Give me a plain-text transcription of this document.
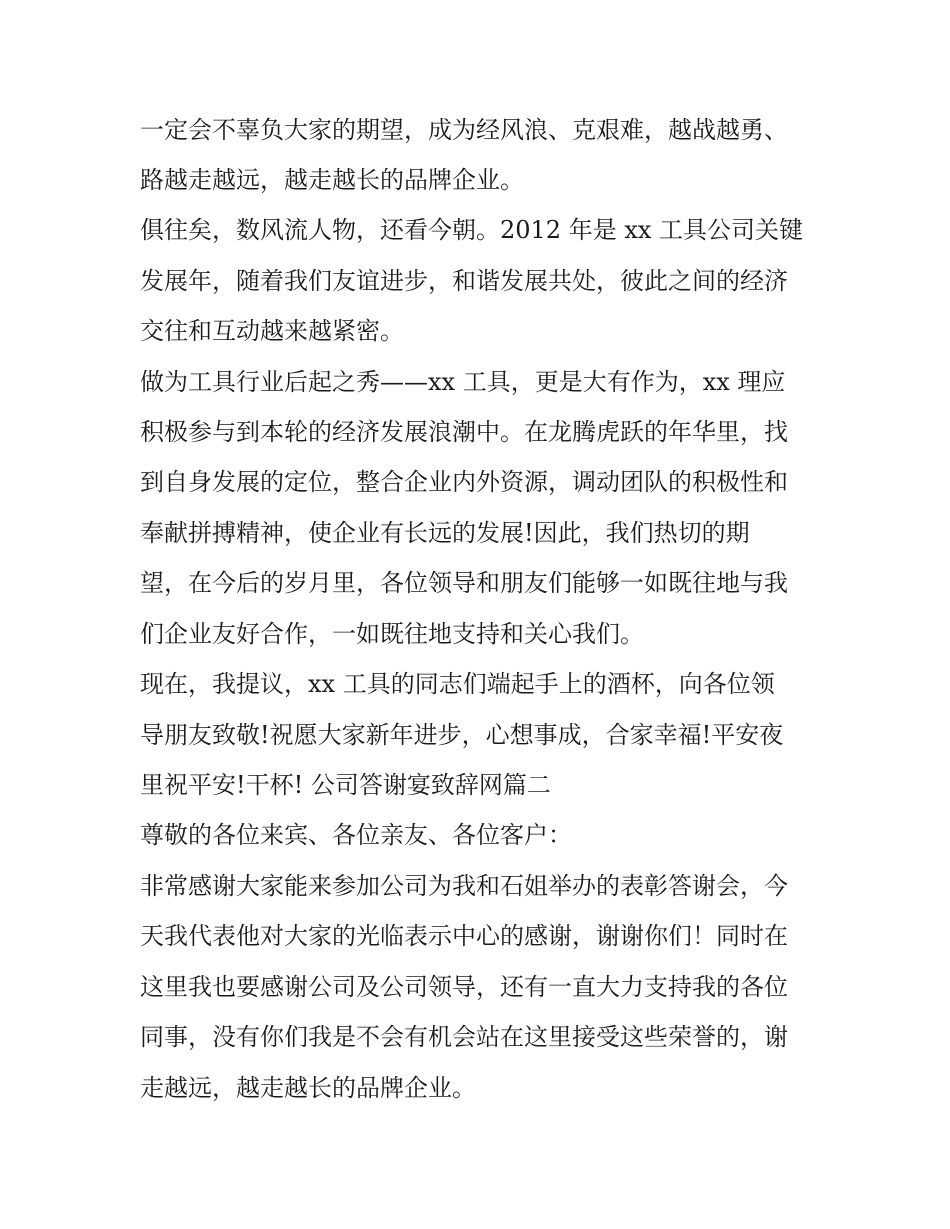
一定会不辜负大家的期望，成为经风浪、克艰难，越战越勇、
路越走越远，越走越长的品牌企业。
俱往矣，数风流人物，还看今朝。2012 年是 xx 工具公司关键
发展年，随着我们友谊进步，和谐发展共处，彼此之间的经济
交往和互动越来越紧密。
做为工具行业后起之秀——xx 工具，更是大有作为，xx 理应
积极参与到本轮的经济发展浪潮中。在龙腾虎跃的年华里，找
到自身发展的定位，整合企业内外资源，调动团队的积极性和
奉献拼搏精神，使企业有长远的发展!因此，我们热切的期
望，在今后的岁月里，各位领导和朋友们能够一如既往地与我
们企业友好合作，一如既往地支持和关心我们。
现在，我提议，xx 工具的同志们端起手上的酒杯，向各位领
导朋友致敬!祝愿大家新年进步，心想事成，合家幸福!平安夜
里祝平安!干杯! 公司答谢宴致辞网篇二
尊敬的各位来宾、各位亲友、各位客户：
非常感谢大家能来参加公司为我和石姐举办的表彰答谢会，今
天我代表他对大家的光临表示中心的感谢，谢谢你们！同时在
这里我也要感谢公司及公司领导，还有一直大力支持我的各位
同事，没有你们我是不会有机会站在这里接受这些荣誉的，谢
走越远，越走越长的品牌企业。
